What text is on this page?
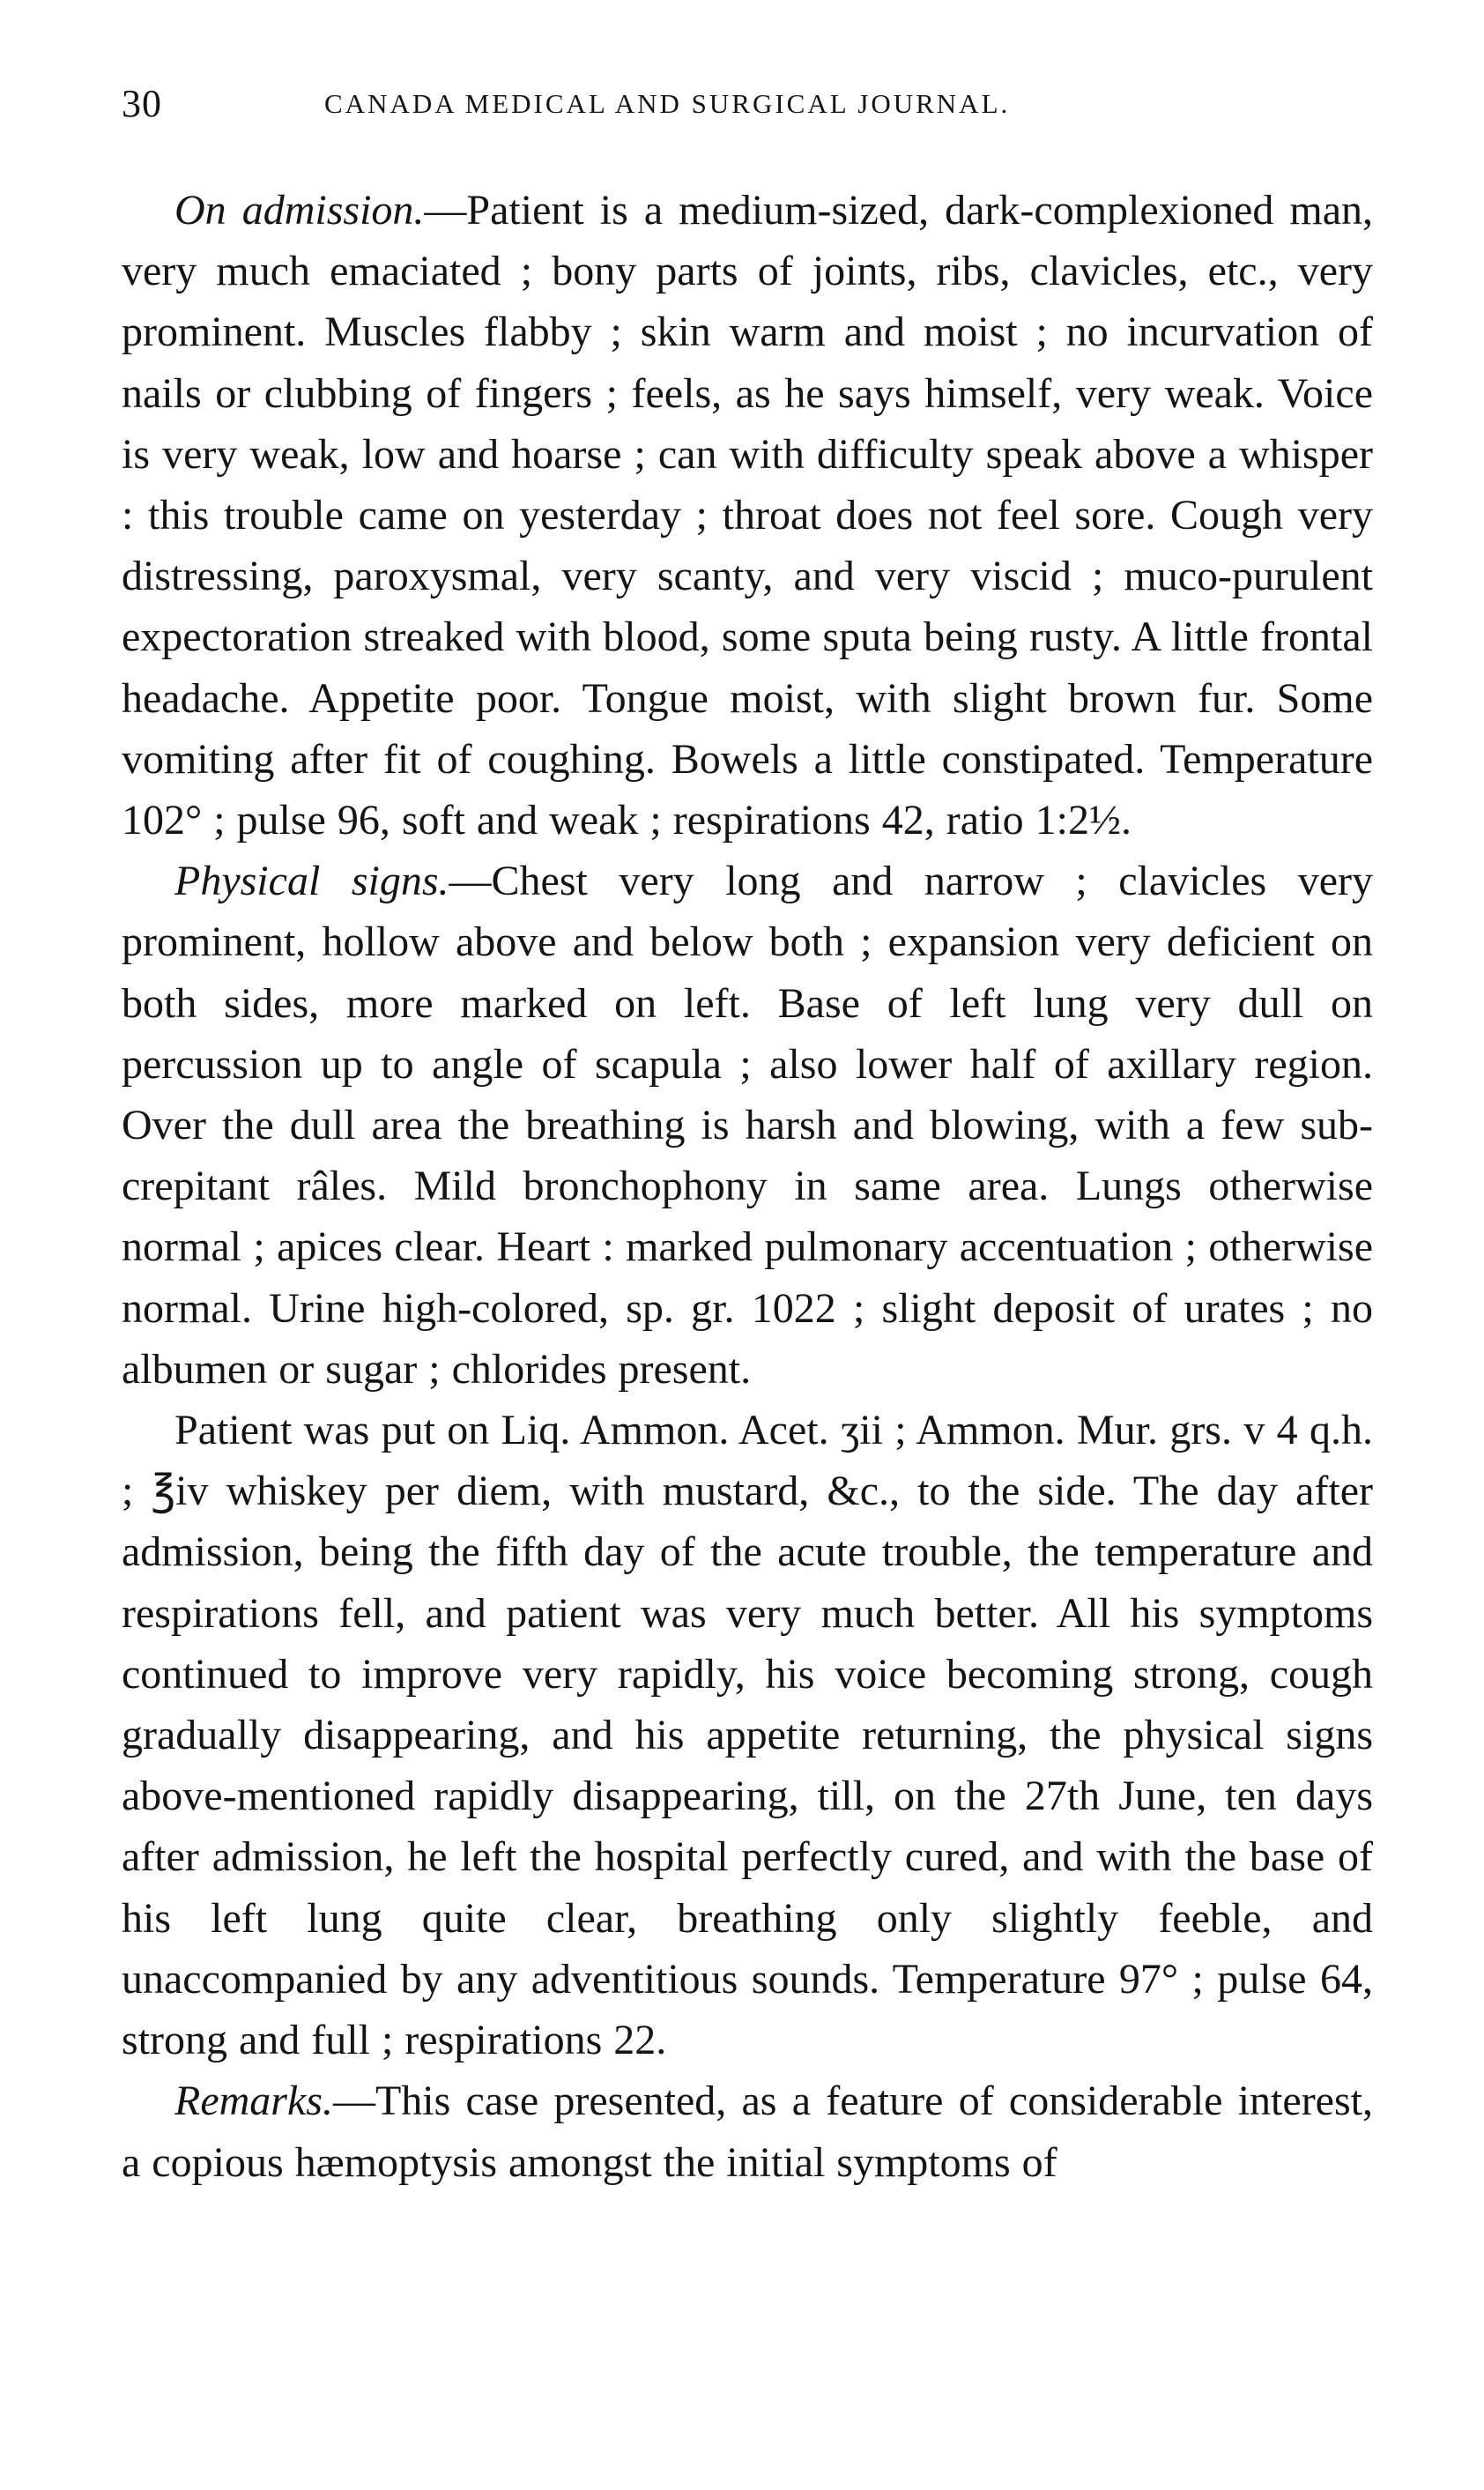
30	CANADA MEDICAL AND SURGICAL JOURNAL.

On admission.—Patient is a medium-sized, dark-complexioned man, very much emaciated ; bony parts of joints, ribs, clavicles, etc., very prominent. Muscles flabby ; skin warm and moist ; no incurvation of nails or clubbing of fingers ; feels, as he says himself, very weak. Voice is very weak, low and hoarse ; can with difficulty speak above a whisper : this trouble came on yesterday ; throat does not feel sore. Cough very distressing, paroxysmal, very scanty, and very viscid ; muco-purulent expectoration streaked with blood, some sputa being rusty. A little frontal headache. Appetite poor. Tongue moist, with slight brown fur. Some vomiting after fit of coughing. Bowels a little constipated. Temperature 102° ; pulse 96, soft and weak ; respirations 42, ratio 1:2½.

Physical signs.—Chest very long and narrow ; clavicles very prominent, hollow above and below both ; expansion very deficient on both sides, more marked on left. Base of left lung very dull on percussion up to angle of scapula ; also lower half of axillary region. Over the dull area the breathing is harsh and blowing, with a few sub-crepitant râles. Mild bronchophony in same area. Lungs otherwise normal ; apices clear. Heart : marked pulmonary accentuation ; otherwise normal. Urine high-colored, sp. gr. 1022 ; slight deposit of urates ; no albumen or sugar ; chlorides present.

Patient was put on Liq. Ammon. Acet. ʒii ; Ammon. Mur. grs. v 4 q.h. ; ℥iv whiskey per diem, with mustard, &c., to the side. The day after admission, being the fifth day of the acute trouble, the temperature and respirations fell, and patient was very much better. All his symptoms continued to improve very rapidly, his voice becoming strong, cough gradually disappearing, and his appetite returning, the physical signs above-mentioned rapidly disappearing, till, on the 27th June, ten days after admission, he left the hospital perfectly cured, and with the base of his left lung quite clear, breathing only slightly feeble, and unaccompanied by any adventitious sounds. Temperature 97° ; pulse 64, strong and full ; respirations 22.

Remarks.—This case presented, as a feature of considerable interest, a copious hæmoptysis amongst the initial symptoms of
